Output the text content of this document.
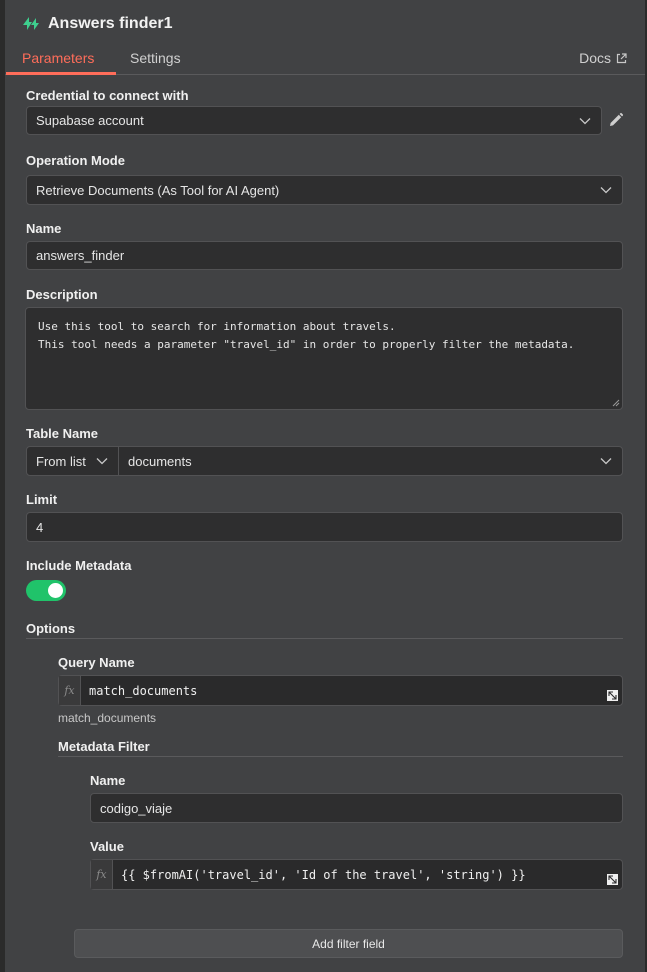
Answers finder1
Parameters	Settings	Docs
Credential to connect with
Supabase account
Operation Mode
Retrieve Documents (As Tool for AI Agent)
Name
answers_finder
Description
Use this tool to search for information about travels.
This tool needs a parameter "travel_id" in order to properly filter the metadata.
Table Name
From list	documents
Limit
4
Include Metadata
Options
Query Name
fx	match_documents
match_documents
Metadata Filter
Name
codigo_viaje
Value
fx	{{ $fromAI('travel_id', 'Id of the travel', 'string') }}
Add filter field
